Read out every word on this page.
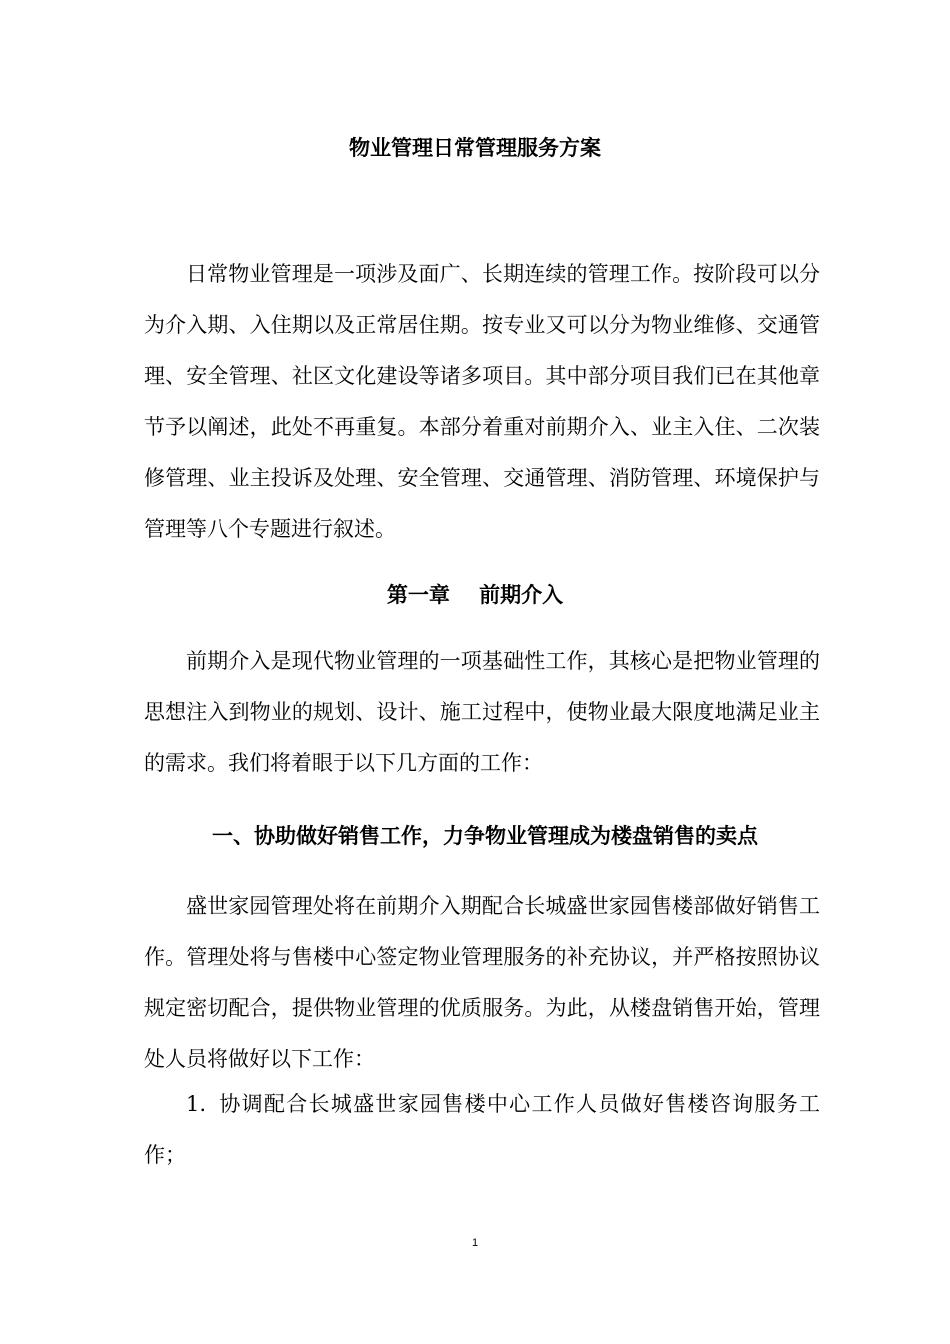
物业管理日常管理服务方案

日常物业管理是一项涉及面广、长期连续的管理工作。按阶段可以分为介入期、入住期以及正常居住期。按专业又可以分为物业维修、交通管理、安全管理、社区文化建设等诸多项目。其中部分项目我们已在其他章节予以阐述，此处不再重复。本部分着重对前期介入、业主入住、二次装修管理、业主投诉及处理、安全管理、交通管理、消防管理、环境保护与管理等八个专题进行叙述。

第一章    前期介入

前期介入是现代物业管理的一项基础性工作，其核心是把物业管理的思想注入到物业的规划、设计、施工过程中，使物业最大限度地满足业主的需求。我们将着眼于以下几方面的工作：

一、协助做好销售工作，力争物业管理成为楼盘销售的卖点

盛世家园管理处将在前期介入期配合长城盛世家园售楼部做好销售工作。管理处将与售楼中心签定物业管理服务的补充协议，并严格按照协议规定密切配合，提供物业管理的优质服务。为此，从楼盘销售开始，管理处人员将做好以下工作：

1. 协调配合长城盛世家园售楼中心工作人员做好售楼咨询服务工作；

1
